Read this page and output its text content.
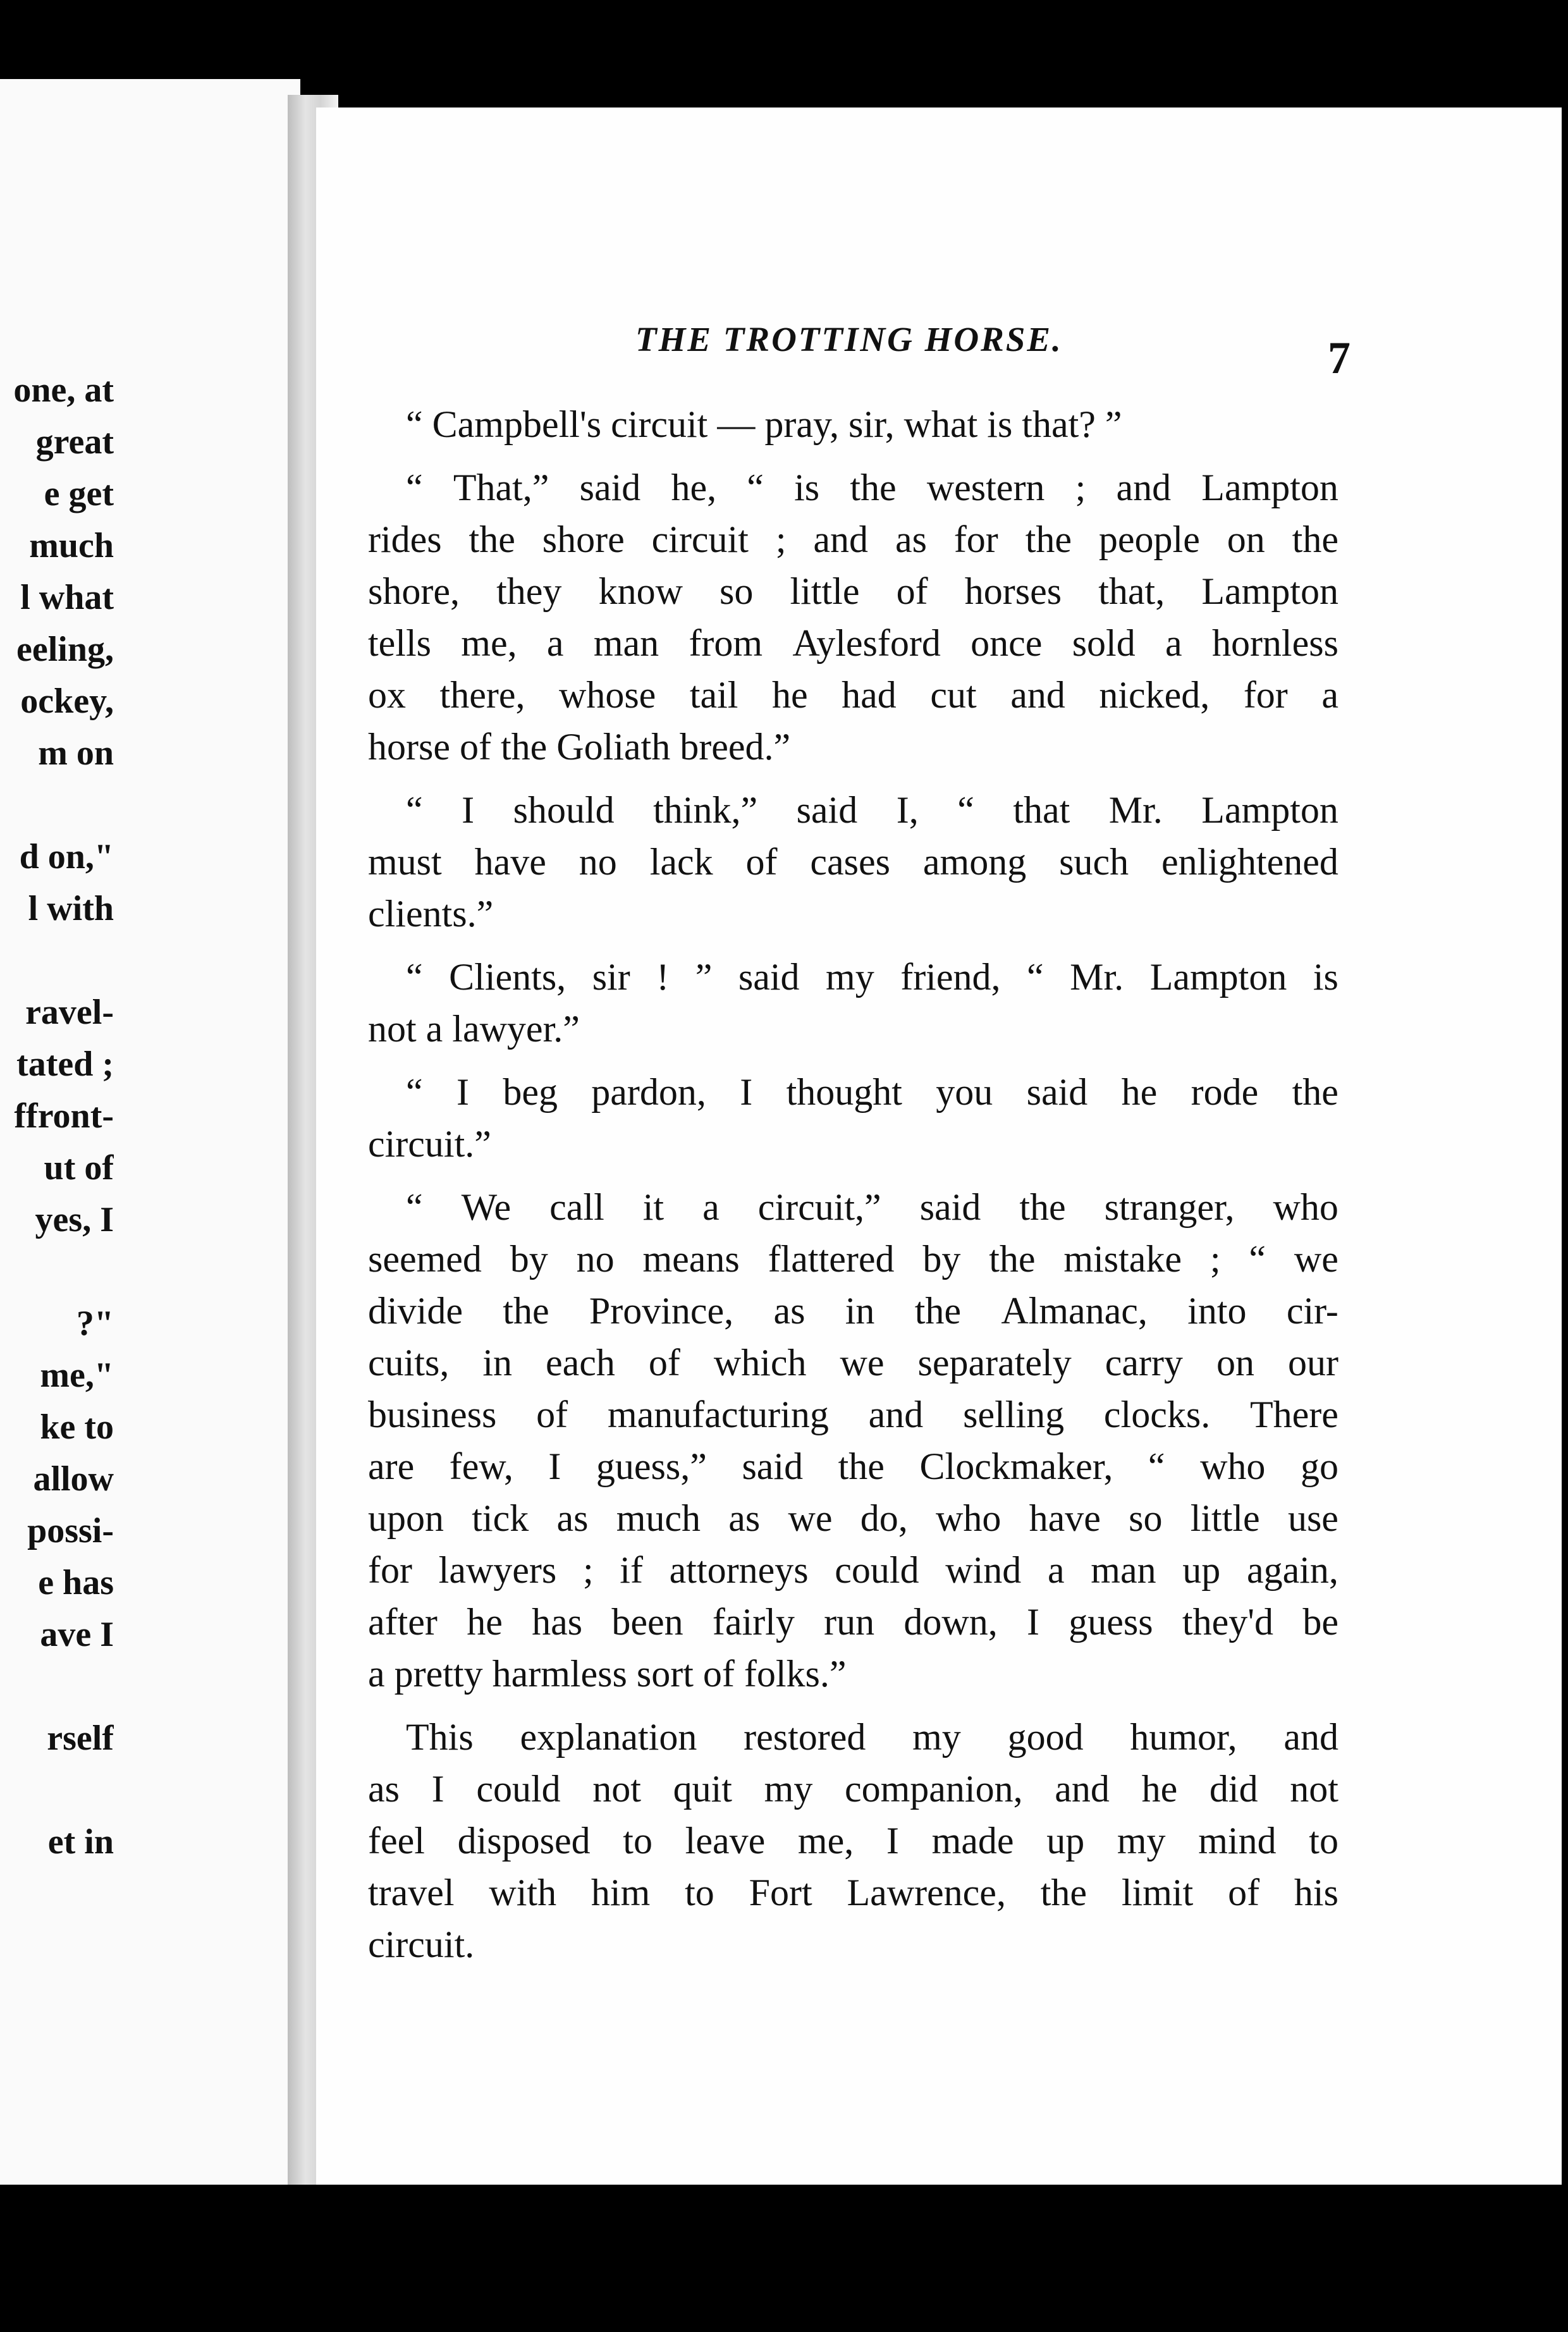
one, at
great
e get
much
l what
eeling,
ockey,
m on
d on,"
l with
ravel-
tated ;
ffront-
ut of
yes, I
?"
me,"
ke to
allow
possi-
e has
ave I
rself
et in
THE TROTTING HORSE.	7
 “ Campbell's circuit — pray, sir, what is that? ”
 “ That,” said he, “ is the western ; and Lampton
rides the shore circuit ; and as for the people on the
shore, they know so little of horses that, Lampton
tells me, a man from Aylesford once sold a hornless
ox there, whose tail he had cut and nicked, for a
horse of the Goliath breed.”
 “ I should think,” said I, “ that Mr. Lampton
must have no lack of cases among such enlightened
clients.”
 “ Clients, sir ! ” said my friend, “ Mr. Lampton is
not a lawyer.”
 “ I beg pardon, I thought you said he rode the
circuit.”
 “ We call it a circuit,” said the stranger, who
seemed by no means flattered by the mistake ; “ we
divide the Province, as in the Almanac, into cir-
cuits, in each of which we separately carry on our
business of manufacturing and selling clocks. There
are few, I guess,” said the Clockmaker, “ who go
upon tick as much as we do, who have so little use
for lawyers ; if attorneys could wind a man up again,
after he has been fairly run down, I guess they'd be
a pretty harmless sort of folks.”
 This explanation restored my good humor, and
as I could not quit my companion, and he did not
feel disposed to leave me, I made up my mind to
travel with him to Fort Lawrence, the limit of his
circuit.
